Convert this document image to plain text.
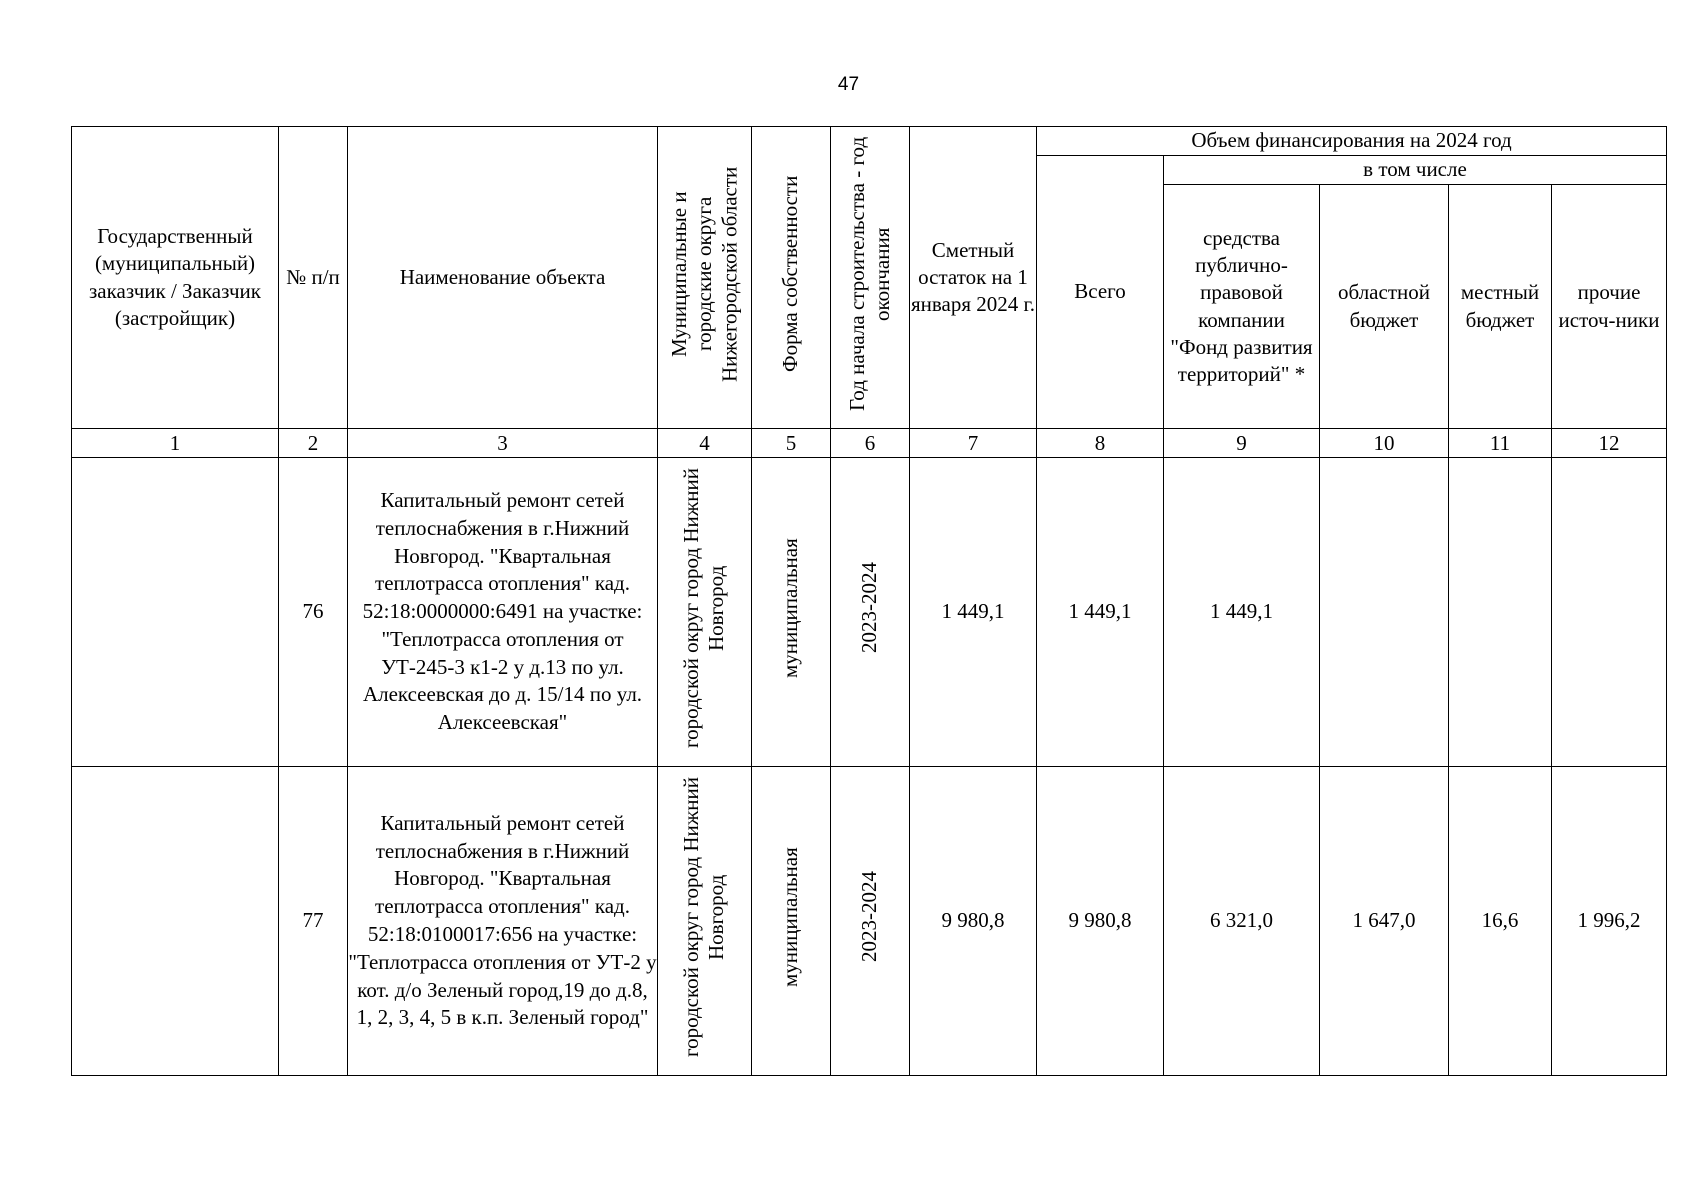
47
Государственный (муниципальный) заказчик / Заказчик (застройщик)	№ п/п	Наименование объекта	Муниципальные и городские округа Нижегородской области	Форма собственности	Год начала строительства - год окончания	Сметный остаток на 1 января 2024 г.	Объем финансирования на 2024 год				
							Всего	в том числе			
								средства публично-правовой компании "Фонд развития территорий" *	областной бюджет	местный бюджет	прочие источ-ники
1	2	3	4	5	6	7	8	9	10	11	12
	76	Капитальный ремонт сетей теплоснабжения в г.Нижний Новгород. "Квартальная теплотрасса отопления" кад. 52:18:0000000:6491 на участке: "Теплотрасса отопления от УТ-245-3 к1-2 у д.13 по ул. Алексеевская до д. 15/14 по ул. Алексеевская"	городской округ город Нижний Новгород	муниципальная	2023-2024	1 449,1	1 449,1	1 449,1			
	77	Капитальный ремонт сетей теплоснабжения в г.Нижний Новгород. "Квартальная теплотрасса отопления" кад. 52:18:0100017:656 на участке: "Теплотрасса отопления от УТ-2 у кот. д/о Зеленый город,19 до д.8, 1, 2, 3, 4, 5 в к.п. Зеленый город"	городской округ город Нижний Новгород	муниципальная	2023-2024	9 980,8	9 980,8	6 321,0	1 647,0	16,6	1 996,2
